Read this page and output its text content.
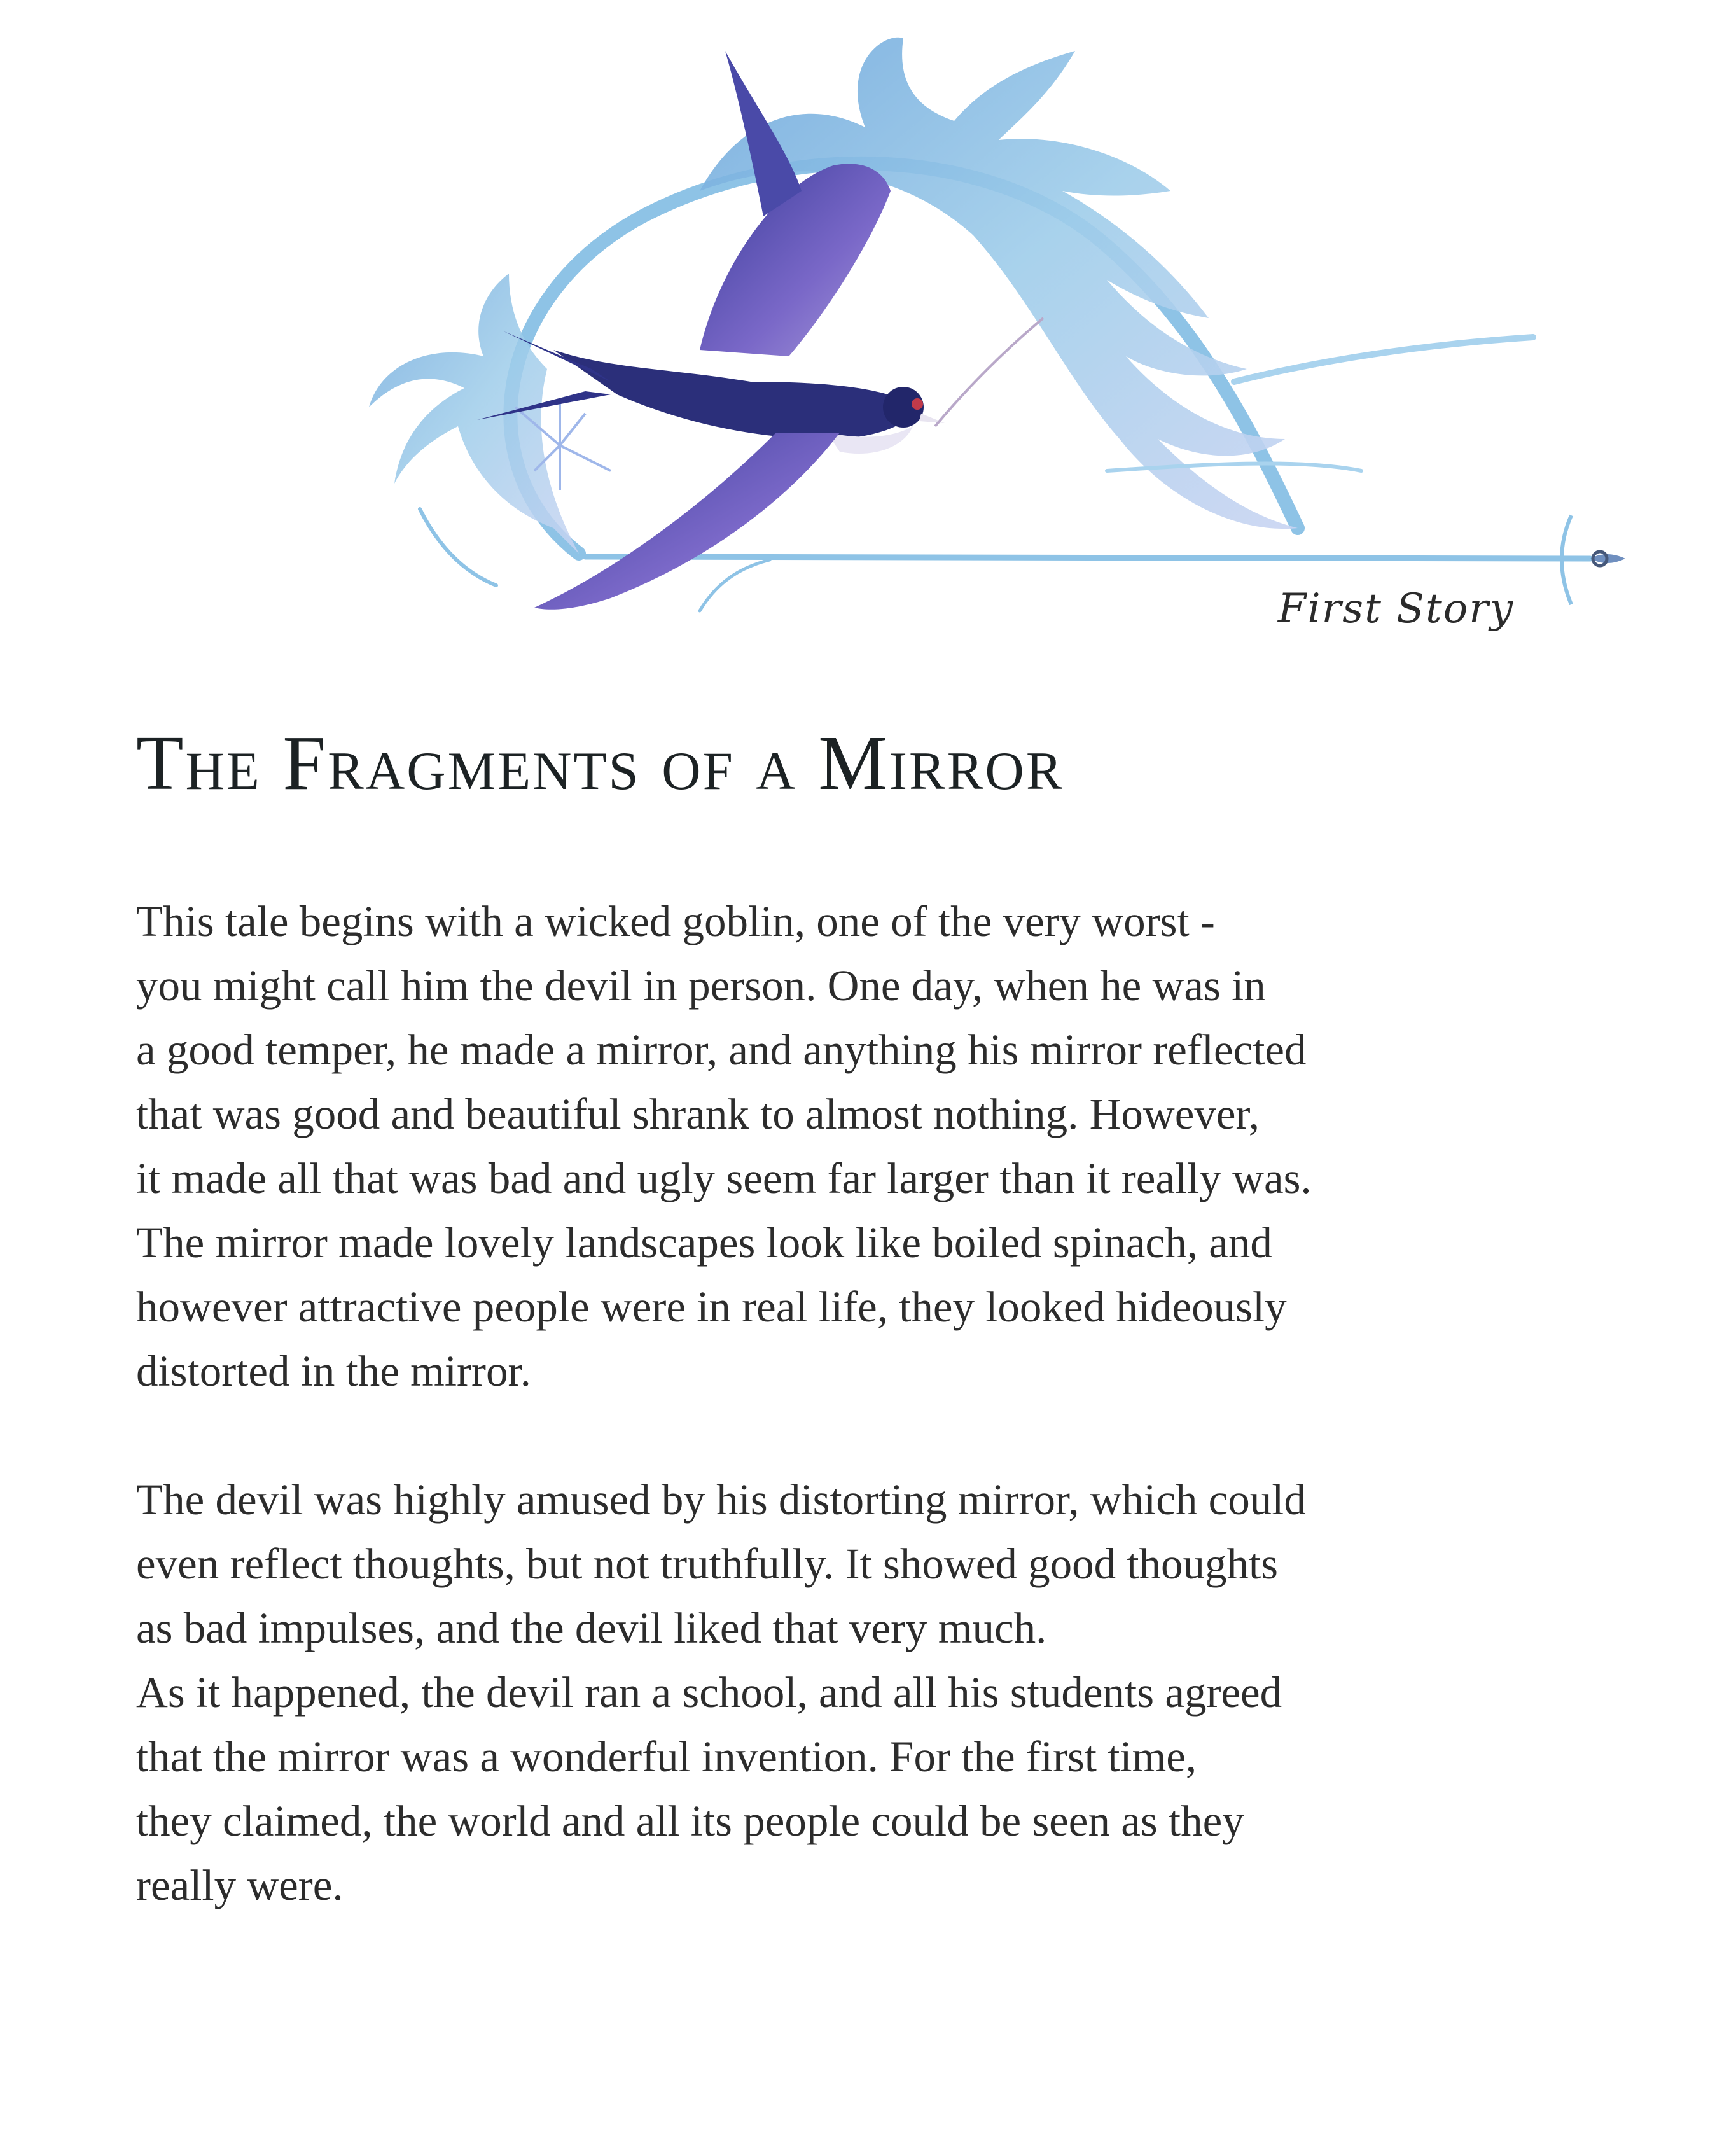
First Story
The Fragments of a Mirror
This tale begins with a wicked goblin, one of the very worst -
you might call him the devil in person. One day, when he was in
a good temper, he made a mirror, and anything his mirror reflected
that was good and beautiful shrank to almost nothing. However,
it made all that was bad and ugly seem far larger than it really was.
The mirror made lovely landscapes look like boiled spinach, and
however attractive people were in real life, they looked hideously
distorted in the mirror.
The devil was highly amused by his distorting mirror, which could
even reflect thoughts, but not truthfully. It showed good thoughts
as bad impulses, and the devil liked that very much.
As it happened, the devil ran a school, and all his students agreed
that the mirror was a wonderful invention. For the first time,
they claimed, the world and all its people could be seen as they
really were.
